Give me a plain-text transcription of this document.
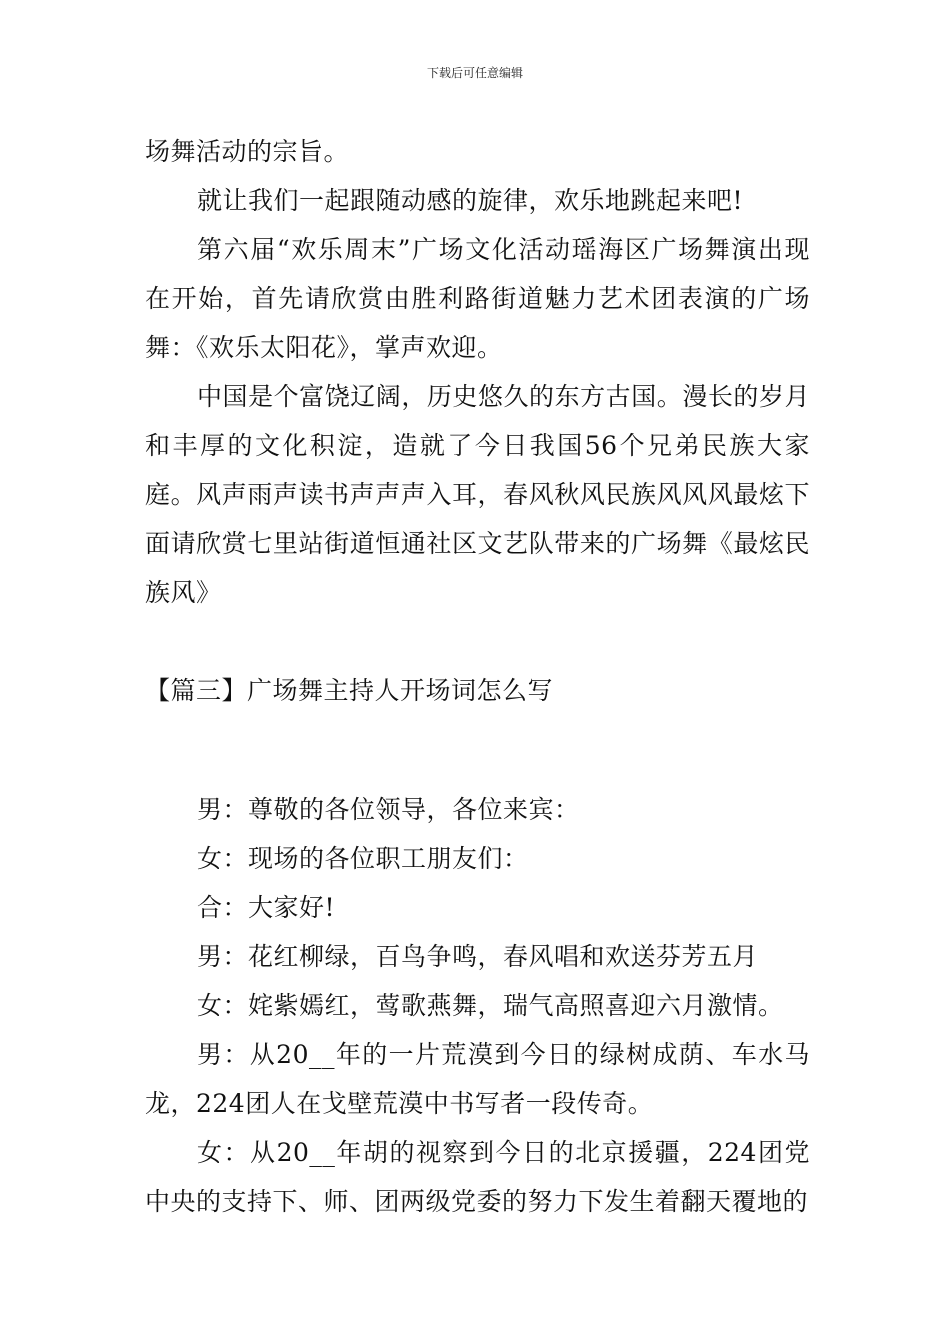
下载后可任意编辑

场舞活动的宗旨。

就让我们一起跟随动感的旋律，欢乐地跳起来吧!

第六届“欢乐周末”广场文化活动瑶海区广场舞演出现在开始，首先请欣赏由胜利路街道魅力艺术团表演的广场舞：《欢乐太阳花》，掌声欢迎。

中国是个富饶辽阔，历史悠久的东方古国。漫长的岁月和丰厚的文化积淀，造就了今日我国56个兄弟民族大家庭。风声雨声读书声声声入耳，春风秋风民族风风风最炫下面请欣赏七里站街道恒通社区文艺队带来的广场舞《最炫民族风》

【篇三】广场舞主持人开场词怎么写

男：尊敬的各位领导，各位来宾：

女：现场的各位职工朋友们：

合：大家好!

男：花红柳绿，百鸟争鸣，春风唱和欢送芬芳五月

女：姹紫嫣红，莺歌燕舞，瑞气高照喜迎六月激情。

男：从20__年的一片荒漠到今日的绿树成荫、车水马龙，224团人在戈壁荒漠中书写者一段传奇。

女：从20__年胡的视察到今日的北京援疆，224团党中央的支持下、师、团两级党委的努力下发生着翻天覆地的
